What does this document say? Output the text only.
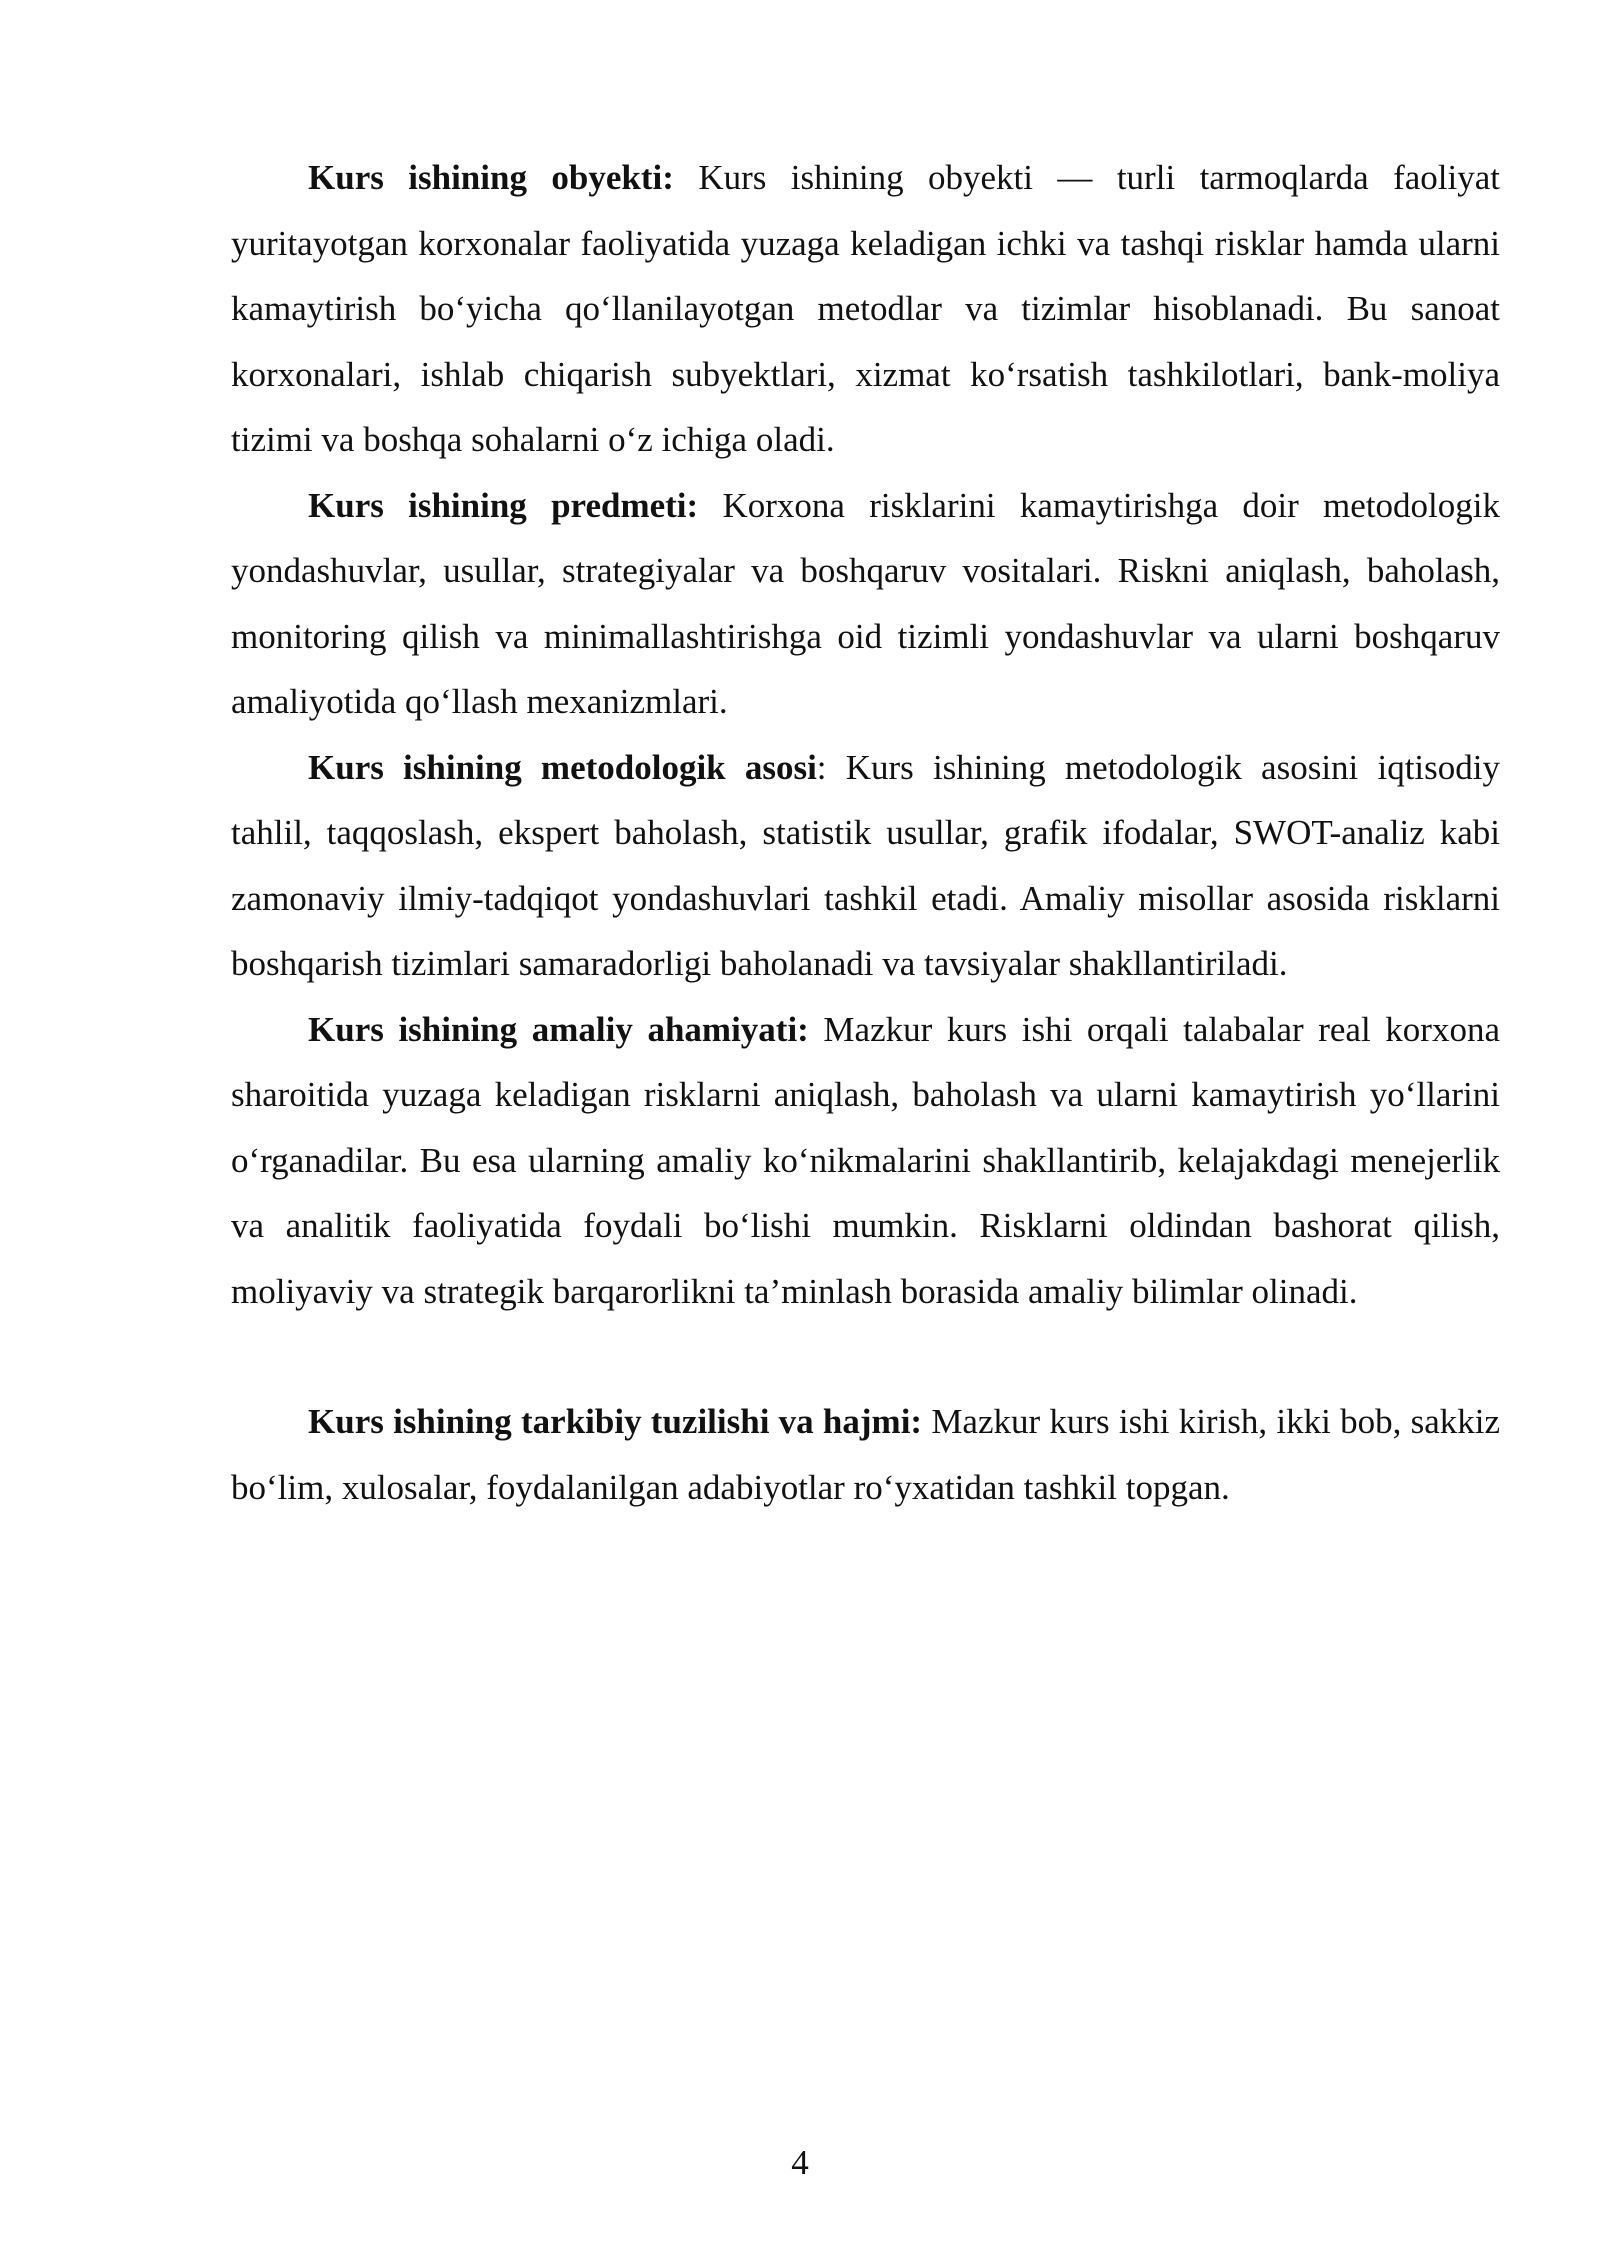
Kurs ishining obyekti: Kurs ishining obyekti — turli tarmoqlarda faoliyat yuritayotgan korxonalar faoliyatida yuzaga keladigan ichki va tashqi risklar hamda ularni kamaytirish bo‘yicha qo‘llanilayotgan metodlar va tizimlar hisoblanadi. Bu sanoat korxonalari, ishlab chiqarish subyektlari, xizmat ko‘rsatish tashkilotlari, bank-moliya tizimi va boshqa sohalarni o‘z ichiga oladi.

Kurs ishining predmeti: Korxona risklarini kamaytirishga doir metodologik yondashuvlar, usullar, strategiyalar va boshqaruv vositalari. Riskni aniqlash, baholash, monitoring qilish va minimallashtirishga oid tizimli yondashuvlar va ularni boshqaruv amaliyotida qo‘llash mexanizmlari.

Kurs ishining metodologik asosi: Kurs ishining metodologik asosini iqtisodiy tahlil, taqqoslash, ekspert baholash, statistik usullar, grafik ifodalar, SWOT-analiz kabi zamonaviy ilmiy-tadqiqot yondashuvlari tashkil etadi. Amaliy misollar asosida risklarni boshqarish tizimlari samaradorligi baholanadi va tavsiyalar shakllantiriladi.

Kurs ishining amaliy ahamiyati: Mazkur kurs ishi orqali talabalar real korxona sharoitida yuzaga keladigan risklarni aniqlash, baholash va ularni kamaytirish yo‘llarini o‘rganadilar. Bu esa ularning amaliy ko‘nikmalarini shakllantirib, kelajakdagi menejerlik va analitik faoliyatida foydali bo‘lishi mumkin. Risklarni oldindan bashorat qilish, moliyaviy va strategik barqarorlikni ta’minlash borasida amaliy bilimlar olinadi.

Kurs ishining tarkibiy tuzilishi va hajmi: Mazkur kurs ishi kirish, ikki bob, sakkiz bo‘lim, xulosalar, foydalanilgan adabiyotlar ro‘yxatidan tashkil topgan.

4
